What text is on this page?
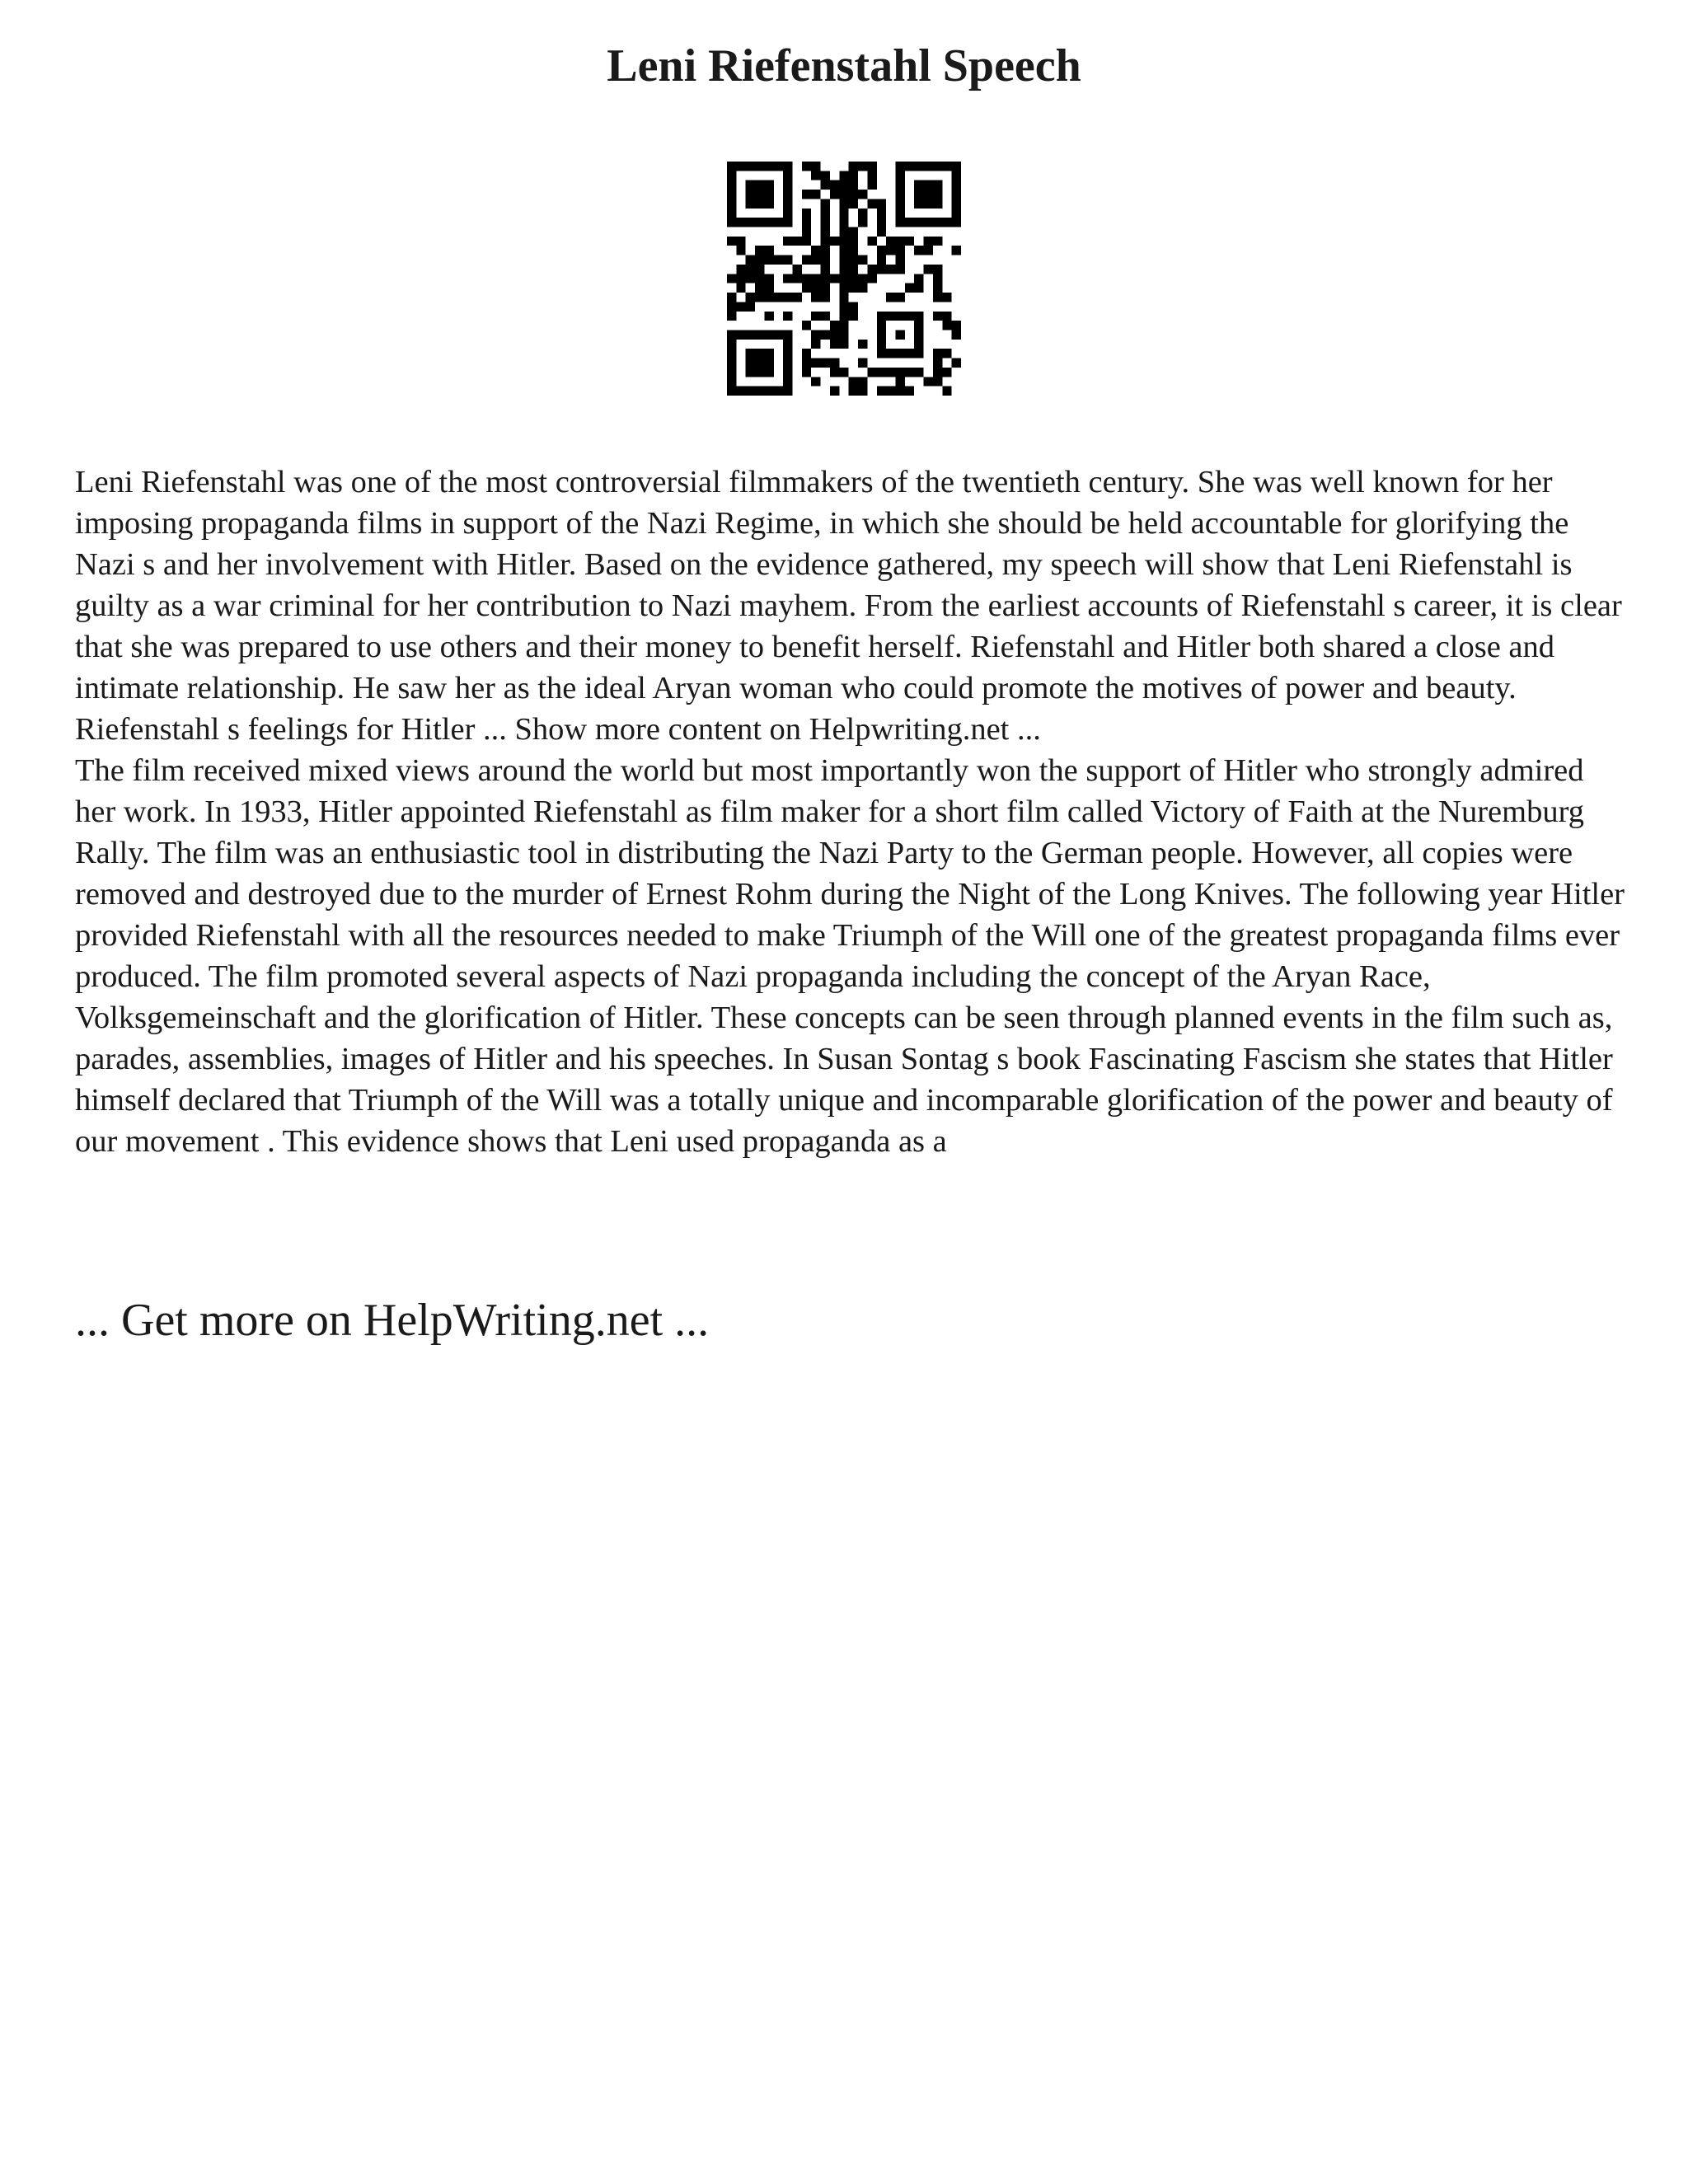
Leni Riefenstahl Speech

Leni Riefenstahl was one of the most controversial filmmakers of the twentieth century. She was well known for her imposing propaganda films in support of the Nazi Regime, in which she should be held accountable for glorifying the Nazi s and her involvement with Hitler. Based on the evidence gathered, my speech will show that Leni Riefenstahl is guilty as a war criminal for her contribution to Nazi mayhem. From the earliest accounts of Riefenstahl s career, it is clear that she was prepared to use others and their money to benefit herself. Riefenstahl and Hitler both shared a close and intimate relationship. He saw her as the ideal Aryan woman who could promote the motives of power and beauty. Riefenstahl s feelings for Hitler ... Show more content on Helpwriting.net ...

The film received mixed views around the world but most importantly won the support of Hitler who strongly admired her work. In 1933, Hitler appointed Riefenstahl as film maker for a short film called Victory of Faith at the Nuremburg Rally. The film was an enthusiastic tool in distributing the Nazi Party to the German people. However, all copies were removed and destroyed due to the murder of Ernest Rohm during the Night of the Long Knives. The following year Hitler provided Riefenstahl with all the resources needed to make Triumph of the Will one of the greatest propaganda films ever produced. The film promoted several aspects of Nazi propaganda including the concept of the Aryan Race, Volksgemeinschaft and the glorification of Hitler. These concepts can be seen through planned events in the film such as, parades, assemblies, images of Hitler and his speeches. In Susan Sontag s book Fascinating Fascism she states that Hitler himself declared that Triumph of the Will was a totally unique and incomparable glorification of the power and beauty of our movement . This evidence shows that Leni used propaganda as a

... Get more on HelpWriting.net ...
